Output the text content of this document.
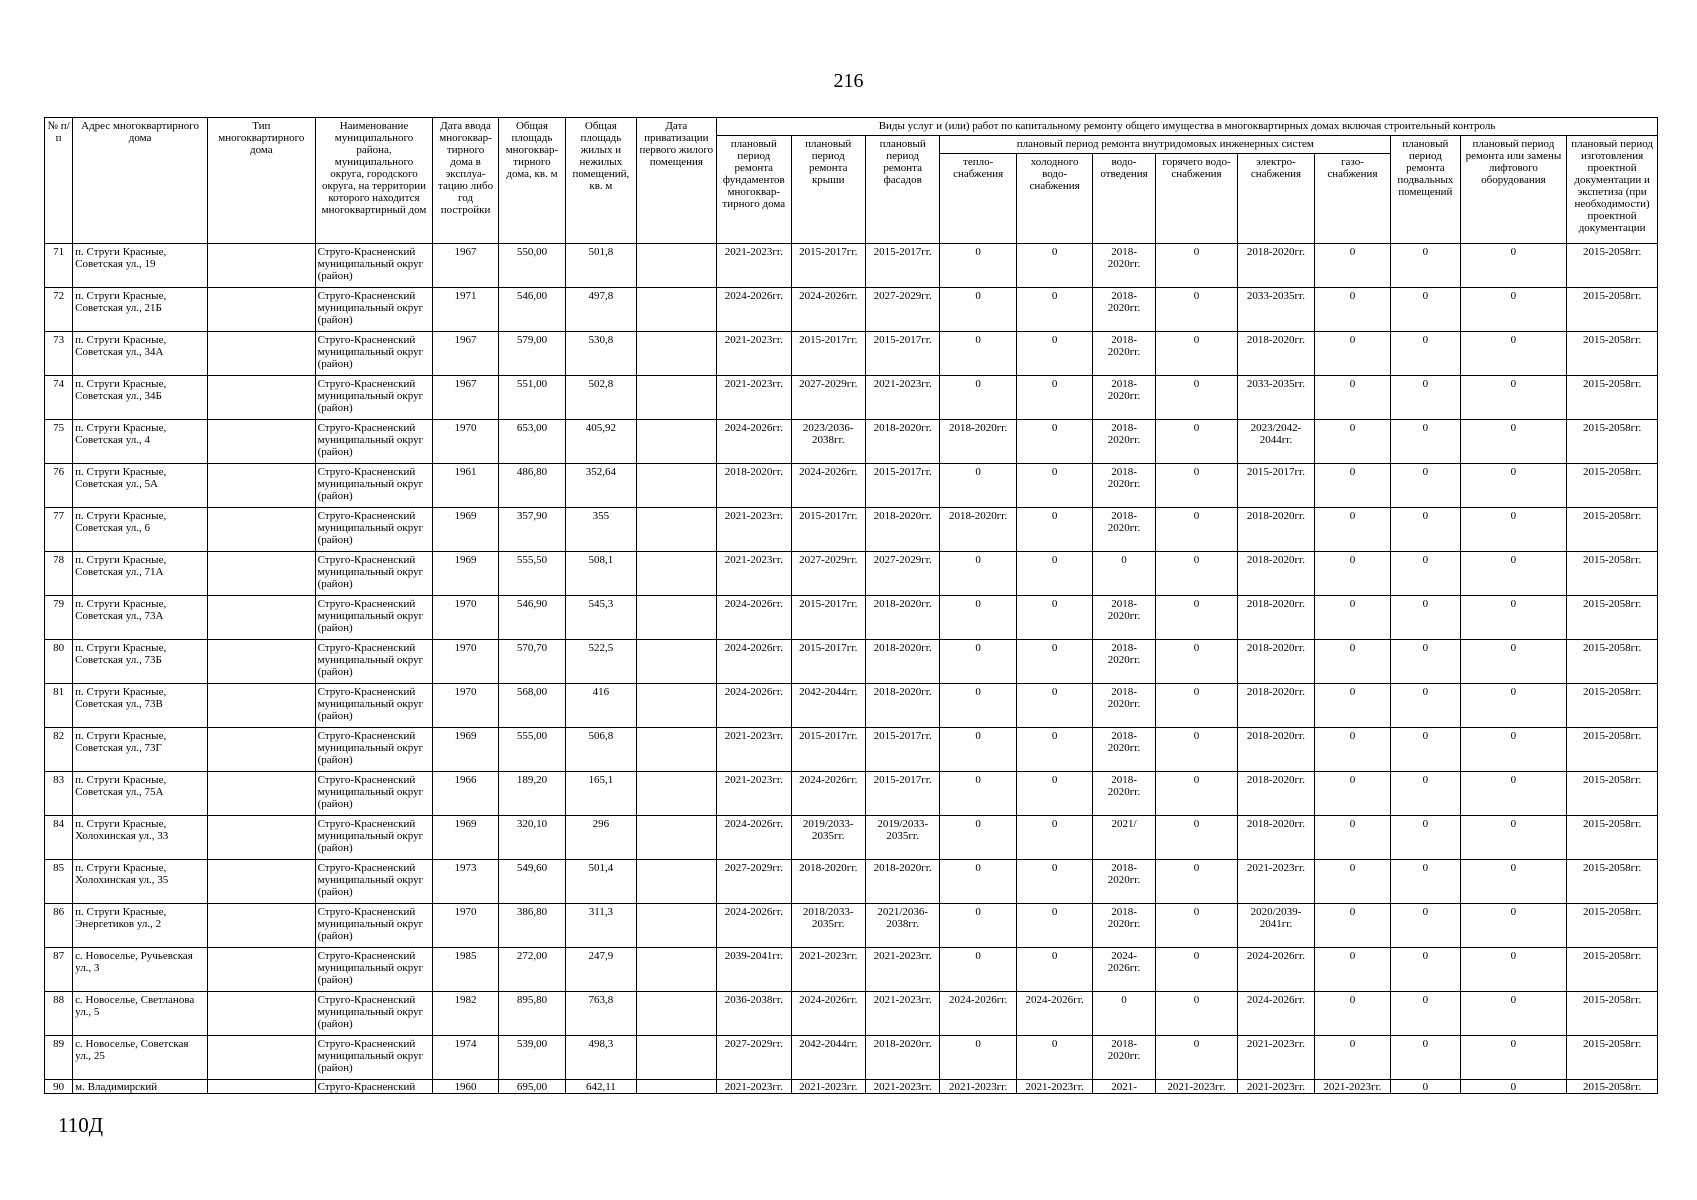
216
№ п/п	Адрес многоквартирного дома	Тип многоквартирного дома	Наименование муниципального района, муниципального округа, городского округа, на территории которого находится многоквартирный дом	Дата ввода многоквар-тирного дома в эксплуа-тацию либо год постройки	Общая площадь многоквар-тирного дома, кв. м	Общая площадь жилых и нежилых помещений, кв. м	Дата приватизации первого жилого помещения	Виды услуг и (или) работ по капитальному ремонту общего имущества в многоквартирных домах включая строительный контроль											
								плановый период ремонта фундаментов многоквар-тирного дома	плановый период ремонта крыши	плановый период ремонта фасадов	плановый период ремонта внутридомовых инженерных систем						плановый период ремонта подвальных помещений	плановый период ремонта или замены лифтового оборудования	плановый период изготовления проектной документации и экспетиза (при необходимости) проектной документации
											тепло-снабжения	холодного водо-снабжения	водо-отведения	горячего водо-снабжения	электро-снабжения	газо-снабжения			
71	п. Струги Красные, Советская ул., 19		Струго-Красненский муниципальный округ (район)	1967	550,00	501,8		2021-2023гг.	2015-2017гг.	2015-2017гг.	0	0	2018-2020гг.	0	2018-2020гг.	0	0	0	2015-2058гг.
72	п. Струги Красные, Советская ул., 21Б		Струго-Красненский муниципальный округ (район)	1971	546,00	497,8		2024-2026гг.	2024-2026гг.	2027-2029гг.	0	0	2018-2020гг.	0	2033-2035гг.	0	0	0	2015-2058гг.
73	п. Струги Красные, Советская ул., 34А		Струго-Красненский муниципальный округ (район)	1967	579,00	530,8		2021-2023гг.	2015-2017гг.	2015-2017гг.	0	0	2018-2020гг.	0	2018-2020гг.	0	0	0	2015-2058гг.
74	п. Струги Красные, Советская ул., 34Б		Струго-Красненский муниципальный округ (район)	1967	551,00	502,8		2021-2023гг.	2027-2029гг.	2021-2023гг.	0	0	2018-2020гг.	0	2033-2035гг.	0	0	0	2015-2058гг.
75	п. Струги Красные, Советская ул., 4		Струго-Красненский муниципальный округ (район)	1970	653,00	405,92		2024-2026гг.	2023/2036-2038гг.	2018-2020гг.	2018-2020гг.	0	2018-2020гг.	0	2023/2042-2044гг.	0	0	0	2015-2058гг.
76	п. Струги Красные, Советская ул., 5А		Струго-Красненский муниципальный округ (район)	1961	486,80	352,64		2018-2020гг.	2024-2026гг.	2015-2017гг.	0	0	2018-2020гг.	0	2015-2017гг.	0	0	0	2015-2058гг.
77	п. Струги Красные, Советская ул., 6		Струго-Красненский муниципальный округ (район)	1969	357,90	355		2021-2023гг.	2015-2017гг.	2018-2020гг.	2018-2020гг.	0	2018-2020гг.	0	2018-2020гг.	0	0	0	2015-2058гг.
78	п. Струги Красные, Советская ул., 71А		Струго-Красненский муниципальный округ (район)	1969	555,50	508,1		2021-2023гг.	2027-2029гг.	2027-2029гг.	0	0	0	0	2018-2020гг.	0	0	0	2015-2058гг.
79	п. Струги Красные, Советская ул., 73А		Струго-Красненский муниципальный округ (район)	1970	546,90	545,3		2024-2026гг.	2015-2017гг.	2018-2020гг.	0	0	2018-2020гг.	0	2018-2020гг.	0	0	0	2015-2058гг.
80	п. Струги Красные, Советская ул., 73Б		Струго-Красненский муниципальный округ (район)	1970	570,70	522,5		2024-2026гг.	2015-2017гг.	2018-2020гг.	0	0	2018-2020гг.	0	2018-2020гг.	0	0	0	2015-2058гг.
81	п. Струги Красные, Советская ул., 73В		Струго-Красненский муниципальный округ (район)	1970	568,00	416		2024-2026гг.	2042-2044гг.	2018-2020гг.	0	0	2018-2020гг.	0	2018-2020гг.	0	0	0	2015-2058гг.
82	п. Струги Красные, Советская ул., 73Г		Струго-Красненский муниципальный округ (район)	1969	555,00	506,8		2021-2023гг.	2015-2017гг.	2015-2017гг.	0	0	2018-2020гг.	0	2018-2020гг.	0	0	0	2015-2058гг.
83	п. Струги Красные, Советская ул., 75А		Струго-Красненский муниципальный округ (район)	1966	189,20	165,1		2021-2023гг.	2024-2026гг.	2015-2017гг.	0	0	2018-2020гг.	0	2018-2020гг.	0	0	0	2015-2058гг.
84	п. Струги Красные, Холохинская ул., 33		Струго-Красненский муниципальный округ (район)	1969	320,10	296		2024-2026гг.	2019/2033-2035гг.	2019/2033-2035гг.	0	0	2021/	0	2018-2020гг.	0	0	0	2015-2058гг.
85	п. Струги Красные, Холохинская ул., 35		Струго-Красненский муниципальный округ (район)	1973	549,60	501,4		2027-2029гг.	2018-2020гг.	2018-2020гг.	0	0	2018-2020гг.	0	2021-2023гг.	0	0	0	2015-2058гг.
86	п. Струги Красные, Энергетиков ул., 2		Струго-Красненский муниципальный округ (район)	1970	386,80	311,3		2024-2026гг.	2018/2033-2035гг.	2021/2036-2038гг.	0	0	2018-2020гг.	0	2020/2039-2041гг.	0	0	0	2015-2058гг.
87	с. Новоселье, Ручьевская ул., 3		Струго-Красненский муниципальный округ (район)	1985	272,00	247,9		2039-2041гг.	2021-2023гг.	2021-2023гг.	0	0	2024-2026гг.	0	2024-2026гг.	0	0	0	2015-2058гг.
88	с. Новоселье, Светланова ул., 5		Струго-Красненский муниципальный округ (район)	1982	895,80	763,8		2036-2038гг.	2024-2026гг.	2021-2023гг.	2024-2026гг.	2024-2026гг.	0	0	2024-2026гг.	0	0	0	2015-2058гг.
89	с. Новоселье, Советская ул., 25		Струго-Красненский муниципальный округ (район)	1974	539,00	498,3		2027-2029гг.	2042-2044гг.	2018-2020гг.	0	0	2018-2020гг.	0	2021-2023гг.	0	0	0	2015-2058гг.
90	м. Владимирский		Струго-Красненский	1960	695,00	642,11		2021-2023гг.	2021-2023гг.	2021-2023гг.	2021-2023гг.	2021-2023гг.	2021-	2021-2023гг.	2021-2023гг.	2021-2023гг.	0	0	2015-2058гг.
110Д
